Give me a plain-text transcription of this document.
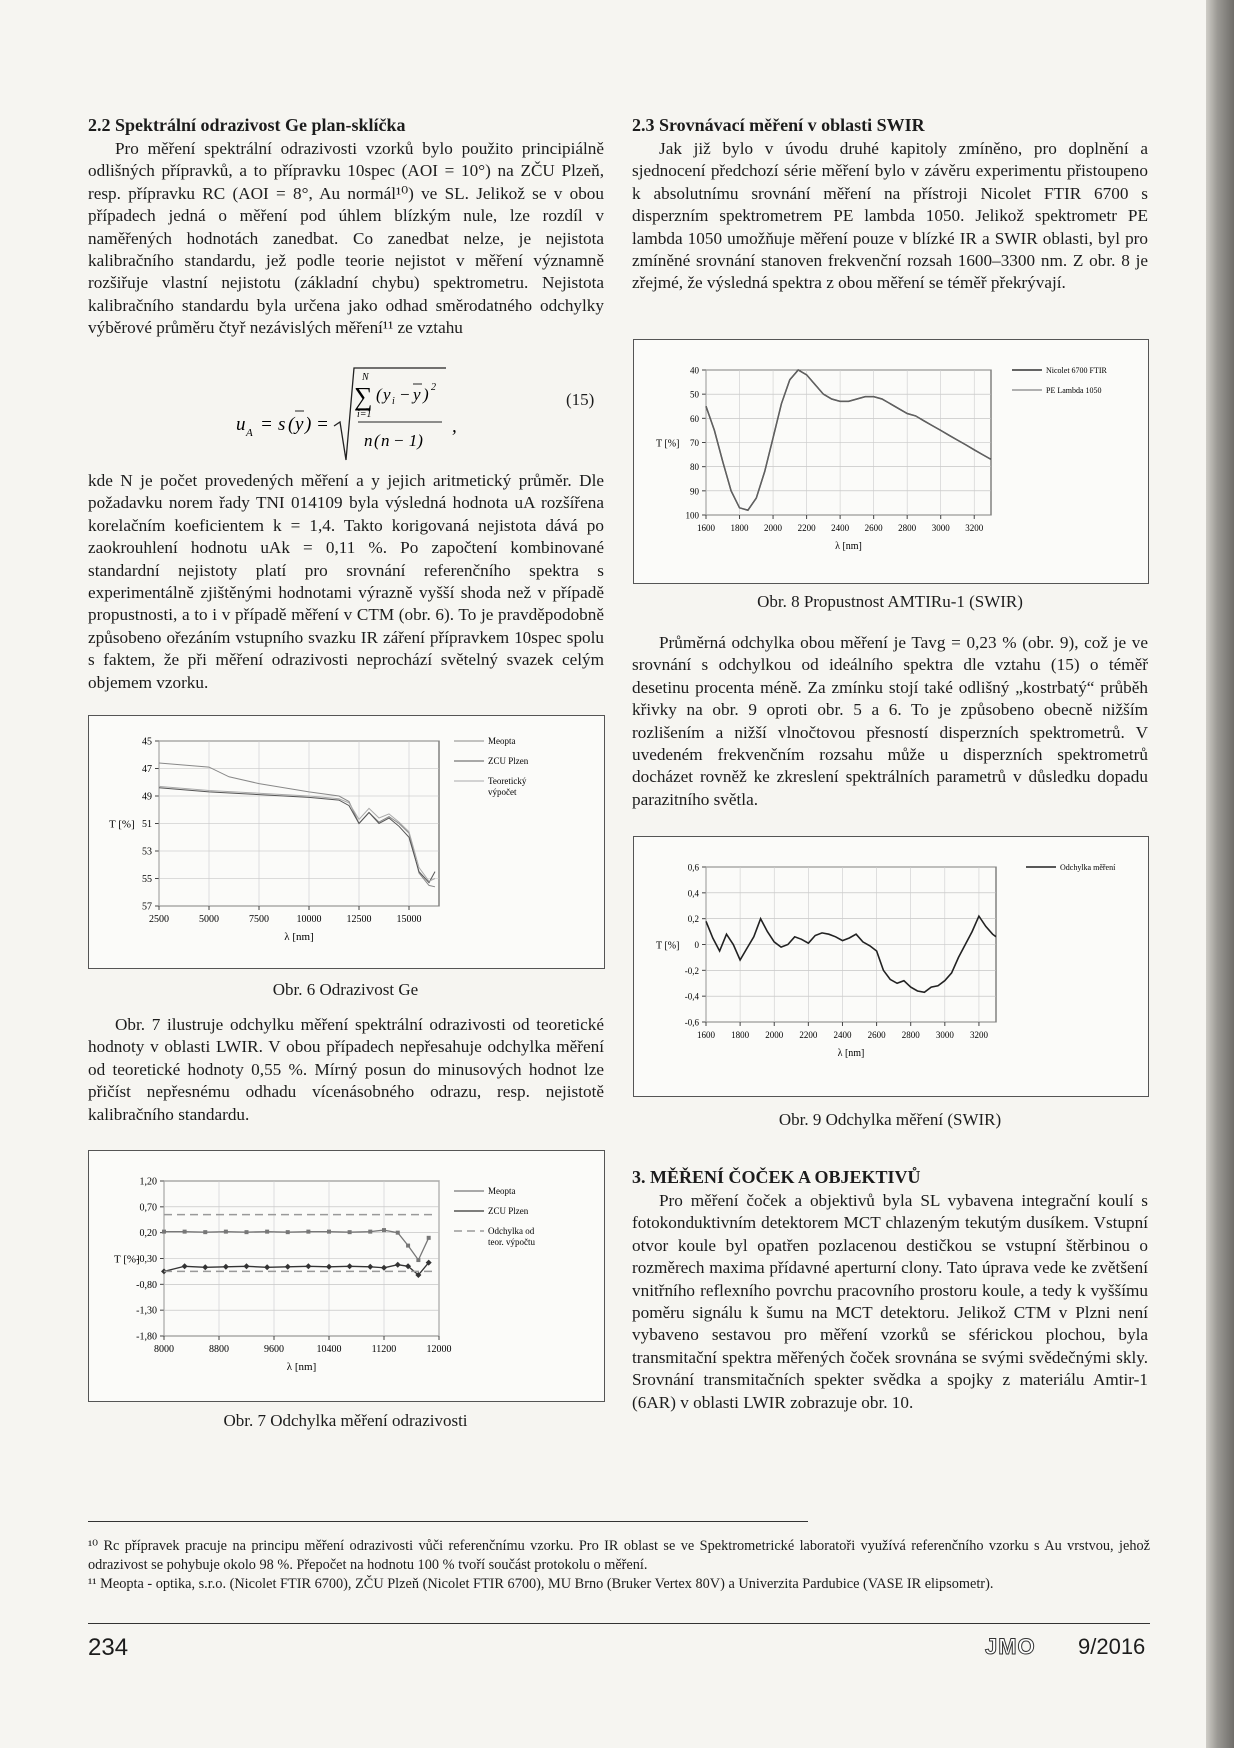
2.2 Spektrální odrazivost Ge plan-sklíčka

Pro měření spektrální odrazivosti vzorků bylo použito principiálně odlišných přípravků, a to přípravku 10spec (AOI = 10°) na ZČU Plzeň, resp. přípravku RC (AOI = 8°, Au normál¹⁰) ve SL. Jelikož se v obou případech jedná o měření pod úhlem blízkým nule, lze rozdíl v naměřených hodnotách zanedbat. Co zanedbat nelze, je nejistota kalibračního standardu, jež podle teorie nejistot v měření významně rozšiřuje vlastní nejistotu (základní chybu) spektrometru. Nejistota kalibračního standardu byla určena jako odhad směrodatného odchylky výběrové průměru čtyř nezávislých měření¹¹ ze vztahu

u A = s ( y ) =
N
∑
i=1
( y i − y ) 2
n ( n − 1)
,
(15)

kde N je počet provedených měření a y jejich aritmetický průměr. Dle požadavku norem řady TNI 014109 byla výsledná hodnota uA rozšířena korelačním koeficientem k = 1,4. Takto korigovaná nejistota dává po zaokrouhlení hodnotu uAk = 0,11 %. Po započtení kombinované standardní nejistoty platí pro srovnání referenčního spektra s experimentálně zjištěnými hodnotami výrazně vyšší shoda než v případě propustnosti, a to i v případě měření v CTM (obr. 6). To je pravděpodobně způsobeno ořezáním vstupního svazku IR záření přípravkem 10spec spolu s faktem, že při měření odrazivosti neprochází světelný svazek celým objemem vzorku.

45
47
49
51
53
55
57
2500	5000	7500	10000	12500	15000
T [%]
λ [nm]
Meopta
ZCU Plzen
Teoretický
výpočet
Obr. 6 Odrazivost Ge

Obr. 7 ilustruje odchylku měření spektrální odrazivosti od teoretické hodnoty v oblasti LWIR. V obou případech nepřesahuje odchylka měření od teoretické hodnoty 0,55 %. Mírný posun do minusových hodnot lze přičíst nepřesnému odhadu vícenásobného odrazu, resp. nejistotě kalibračního standardu.

1,20
0,70
0,20
-0,30
-0,80
-1,30
-1,80
8000	8800	9600	10400	11200	12000
T [%]
λ [nm]
Meopta
ZCU Plzen
Odchylka od
teor. výpočtu
Obr. 7 Odchylka měření odrazivosti
2.3 Srovnávací měření v oblasti SWIR

Jak již bylo v úvodu druhé kapitoly zmíněno, pro doplnění a sjednocení předchozí série měření bylo v závěru experimentu přistoupeno k absolutnímu srovnání měření na přístroji Nicolet FTIR 6700 s disperzním spektrometrem PE lambda 1050. Jelikož spektrometr PE lambda 1050 umožňuje měření pouze v blízké IR a SWIR oblasti, byl pro zmíněné srovnání stanoven frekvenční rozsah 1600–3300 nm. Z obr. 8 je zřejmé, že výsledná spektra z obou měření se téměř překrývají.

40
50
60
70
80
90
100
1600 1800 2000 2200 2400 2600 2800 3000 3200
T [%]
λ [nm]
Nicolet 6700 FTIR
PE Lambda 1050
Obr. 8 Propustnost AMTIRu-1 (SWIR)

Průměrná odchylka obou měření je Tavg = 0,23 % (obr. 9), což je ve srovnání s odchylkou od ideálního spektra dle vztahu (15) o téměř desetinu procenta méně. Za zmínku stojí také odlišný „kostrbatý“ průběh křivky na obr. 9 oproti obr. 5 a 6. To je způsobeno obecně nižším rozlišením a nižší vlnočtovou přesností disperzních spektrometrů. V uvedeném frekvenčním rozsahu může u disperzních spektrometrů docházet rovněž ke zkreslení spektrálních parametrů v důsledku dopadu parazitního světla.

0,6
0,4
0,2
0
-0,2
-0,4
-0,6
1600 1800 2000 2200 2400 2600 2800 3000 3200
T [%]
λ [nm]
Odchylka měření
Obr. 9 Odchylka měření (SWIR)
3. MĚŘENÍ ČOČEK A OBJEKTIVŮ

Pro měření čoček a objektivů byla SL vybavena integrační koulí s fotokonduktivním detektorem MCT chlazeným tekutým dusíkem. Vstupní otvor koule byl opatřen pozlacenou destičkou se vstupní štěrbinou o rozměrech maxima přídavné aperturní clony. Tato úprava vede ke zvětšení vnitřního reflexního povrchu pracovního prostoru koule, a tedy k vyššímu poměru signálu k šumu na MCT detektoru. Jelikož CTM v Plzni není vybaveno sestavou pro měření vzorků se sférickou plochou, byla transmitační spektra měřených čoček srovnána se svými svědečnými skly. Srovnání transmitačních spekter svědka a spojky z materiálu Amtir-1 (6AR) v oblasti LWIR zobrazuje obr. 10.

¹⁰ Rc přípravek pracuje na principu měření odrazivosti vůči referenčnímu vzorku. Pro IR oblast se ve Spektrometrické laboratoři využívá referenčního vzorku s Au vrstvou, jehož odrazivost se pohybuje okolo 98 %. Přepočet na hodnotu 100 % tvoří součást protokolu o měření.

¹¹ Meopta - optika, s.r.o. (Nicolet FTIR 6700), ZČU Plzeň (Nicolet FTIR 6700), MU Brno (Bruker Vertex 80V) a Univerzita Pardubice (VASE IR elipsometr).

234	JMO 9/2016
